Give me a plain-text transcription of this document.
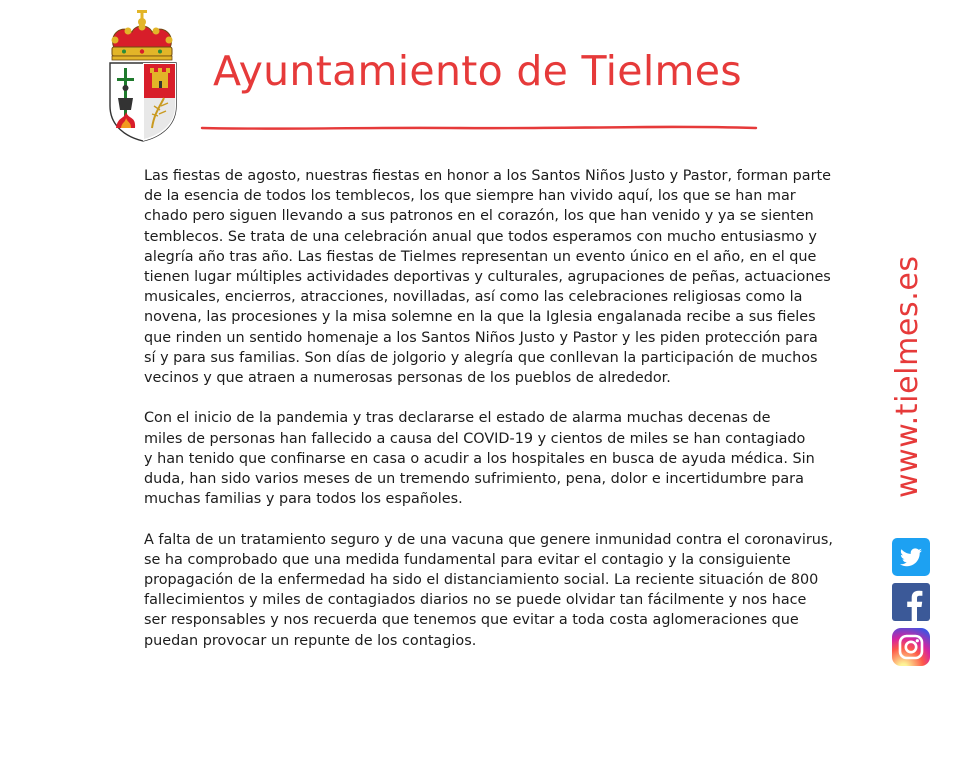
Ayuntamiento de Tielmes

Las fiestas de agosto, nuestras fiestas en honor a los Santos Niños Justo y Pastor, forman parte
de la esencia de todos los temblecos, los que siempre han vivido aquí, los que se han mar
chado pero siguen llevando a sus patronos en el corazón, los que han venido y ya se sienten
temblecos. Se trata de una celebración anual que todos esperamos con mucho entusiasmo y
alegría año tras año. Las fiestas de Tielmes representan un evento único en el año, en el que
tienen lugar múltiples actividades deportivas y culturales, agrupaciones de peñas, actuaciones
musicales, encierros, atracciones, novilladas, así como las celebraciones religiosas como la
novena, las procesiones y la misa solemne en la que la Iglesia engalanada recibe a sus fieles
que rinden un sentido homenaje a los Santos Niños Justo y Pastor y les piden protección para
sí y para sus familias. Son días de jolgorio y alegría que conllevan la participación de muchos
vecinos y que atraen a numerosas personas de los pueblos de alrededor.

Con el inicio de la pandemia y tras declararse el estado de alarma muchas decenas de
miles de personas han fallecido a causa del COVID-19 y cientos de miles se han contagiado
y han tenido que confinarse en casa o acudir a los hospitales en busca de ayuda médica. Sin
duda, han sido varios meses de un tremendo sufrimiento, pena, dolor e incertidumbre para
muchas familias y para todos los españoles.

A falta de un tratamiento seguro y de una vacuna que genere inmunidad contra el coronavirus,
se ha comprobado que una medida fundamental para evitar el contagio y la consiguiente
propagación de la enfermedad ha sido el distanciamiento social. La reciente situación de 800
fallecimientos y miles de contagiados diarios no se puede olvidar tan fácilmente y nos hace
ser responsables y nos recuerda que tenemos que evitar a toda costa aglomeraciones que
puedan provocar un repunte de los contagios.

www.tielmes.es
